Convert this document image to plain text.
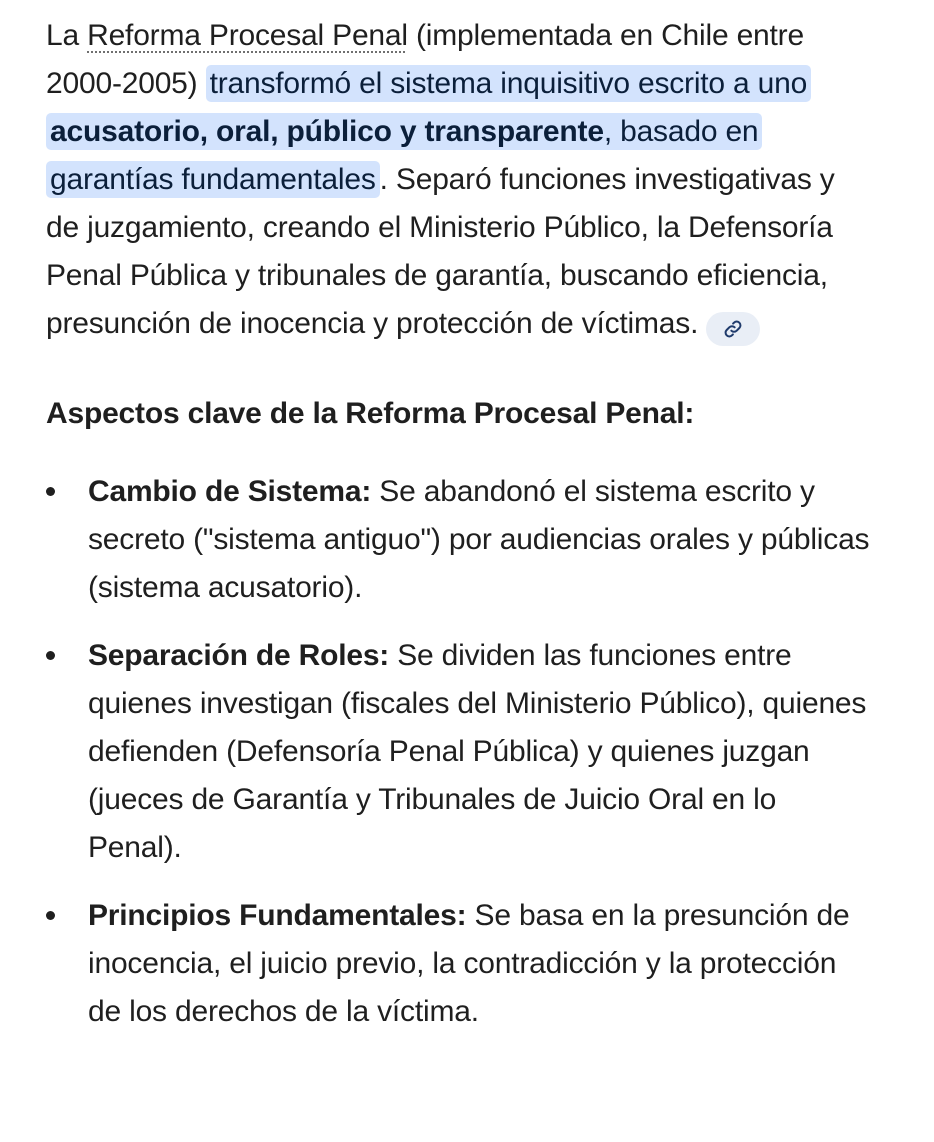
La Reforma Procesal Penal (implementada en Chile entre 2000-2005) transformó el sistema inquisitivo escrito a uno acusatorio, oral, público y transparente, basado en garantías fundamentales . Separó funciones investigativas y de juzgamiento, creando el Ministerio Público, la Defensoría Penal Pública y tribunales de garantía, buscando eficiencia, presunción de inocencia y protección de víctimas.

Aspectos clave de la Reforma Procesal Penal:
Cambio de Sistema: Se abandonó el sistema escrito y secreto ("sistema antiguo") por audiencias orales y públicas (sistema acusatorio).
Separación de Roles: Se dividen las funciones entre quienes investigan (fiscales del Ministerio Público), quienes defienden (Defensoría Penal Pública) y quienes juzgan (jueces de Garantía y Tribunales de Juicio Oral en lo Penal).
Principios Fundamentales: Se basa en la presunción de inocencia, el juicio previo, la contradicción y la protección de los derechos de la víctima.
